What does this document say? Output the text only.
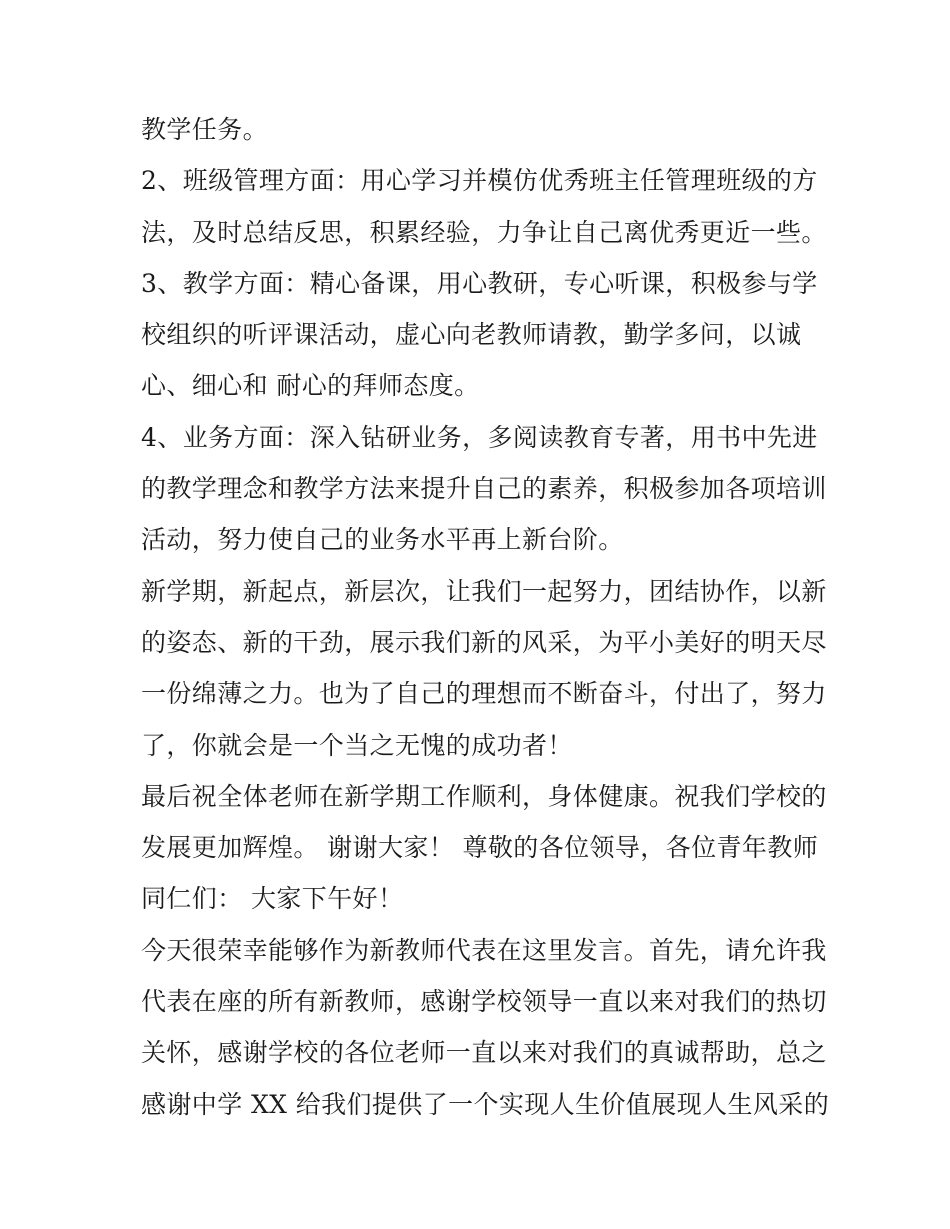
教学任务。
2、班级管理方面：用心学习并模仿优秀班主任管理班级的方
法，及时总结反思，积累经验，力争让自己离优秀更近一些。
3、教学方面：精心备课，用心教研，专心听课，积极参与学
校组织的听评课活动，虚心向老教师请教，勤学多问，以诚
心、细心和 耐心的拜师态度。
4、业务方面：深入钻研业务，多阅读教育专著，用书中先进
的教学理念和教学方法来提升自己的素养，积极参加各项培训
活动，努力使自己的业务水平再上新台阶。
新学期，新起点，新层次，让我们一起努力，团结协作，以新
的姿态、新的干劲，展示我们新的风采，为平小美好的明天尽
一份绵薄之力。也为了自己的理想而不断奋斗，付出了，努力
了，你就会是一个当之无愧的成功者！
最后祝全体老师在新学期工作顺利，身体健康。祝我们学校的
发展更加辉煌。 谢谢大家！ 尊敬的各位领导，各位青年教师
同仁们： 大家下午好！
今天很荣幸能够作为新教师代表在这里发言。首先，请允许我
代表在座的所有新教师，感谢学校领导一直以来对我们的热切
关怀，感谢学校的各位老师一直以来对我们的真诚帮助，总之
感谢中学 XX 给我们提供了一个实现人生价值展现人生风采的
